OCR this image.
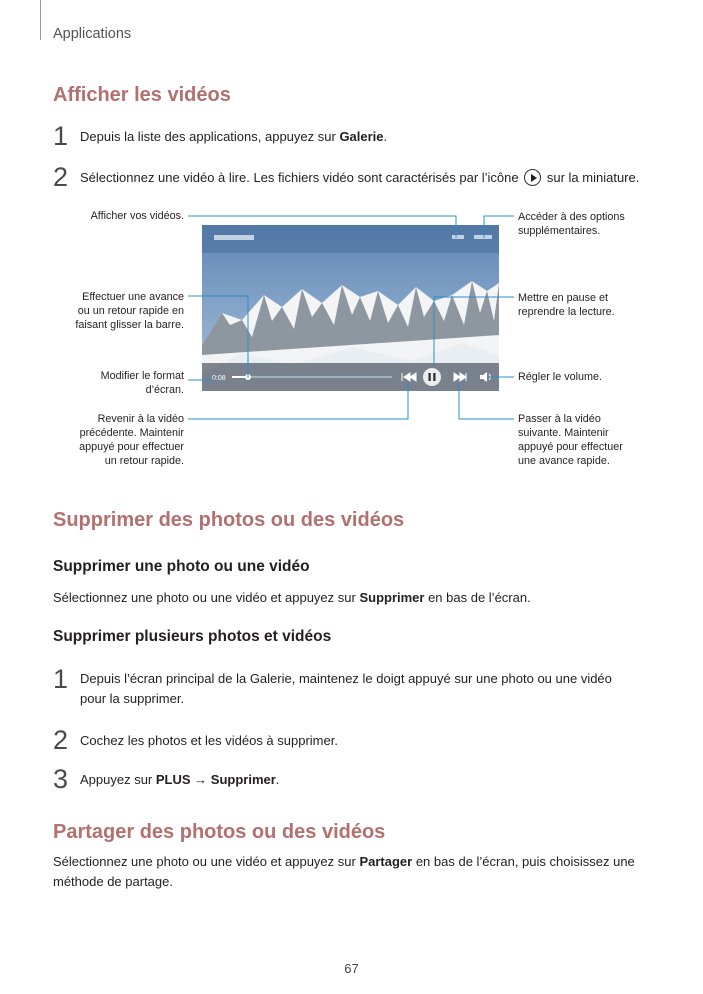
Applications
Afficher les vidéos
1 Depuis la liste des applications, appuyez sur Galerie.
2 Sélectionnez une vidéo à lire. Les fichiers vidéo sont caractérisés par l’icône sur la miniature.
0:08
Afficher vos vidéos.
Effectuer une avance
ou un retour rapide en
faisant glisser la barre.
Modifier le format
d’écran.
Revenir à la vidéo
précédente. Maintenir
appuyé pour effectuer
un retour rapide.
Accéder à des options
supplémentaires.
Mettre en pause et
reprendre la lecture.
Régler le volume.
Passer à la vidéo
suivante. Maintenir
appuyé pour effectuer
une avance rapide.
Supprimer des photos ou des vidéos
Supprimer une photo ou une vidéo
Sélectionnez une photo ou une vidéo et appuyez sur Supprimer en bas de l’écran.
Supprimer plusieurs photos et vidéos
1 Depuis l’écran principal de la Galerie, maintenez le doigt appuyé sur une photo ou une vidéo
pour la supprimer.
2 Cochez les photos et les vidéos à supprimer.
3 Appuyez sur PLUS → Supprimer.
Partager des photos ou des vidéos
Sélectionnez une photo ou une vidéo et appuyez sur Partager en bas de l’écran, puis choisissez une
méthode de partage.
67
